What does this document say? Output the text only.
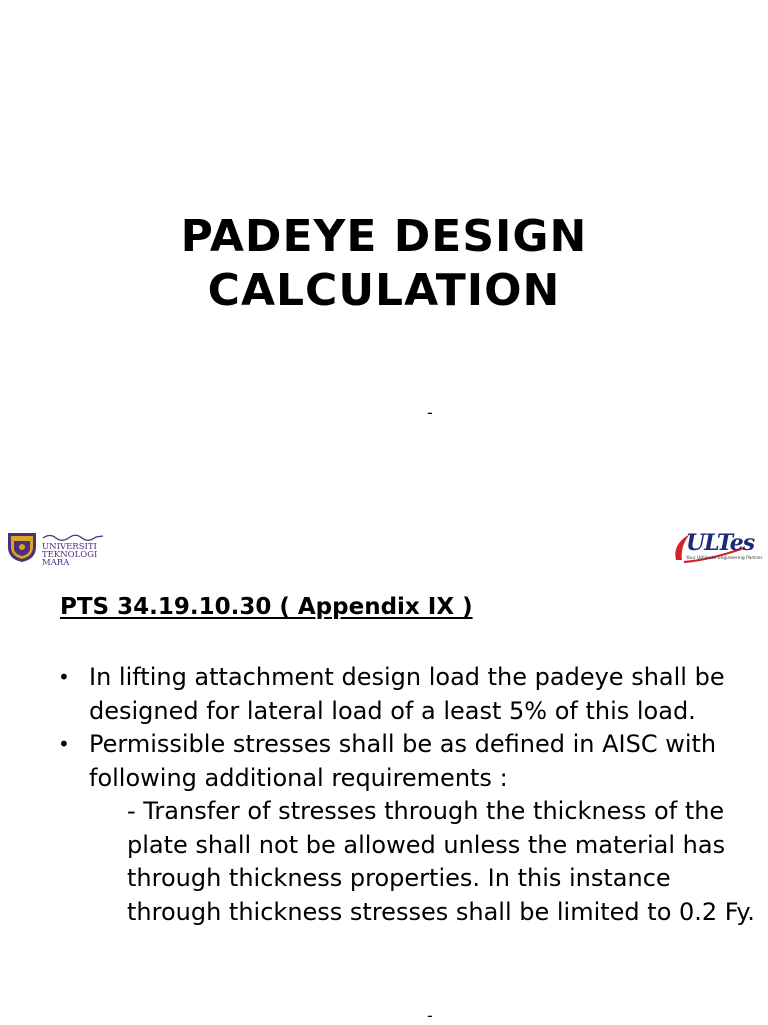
PADEYE DESIGN
CALCULATION
-
UNIVERSITI
TEKNOLOGI
MARA
ULTes
Your Ultimate Engineering Partner
PTS 34.19.10.30 ( Appendix IX )
• In lifting attachment design load the padeye shall be designed for lateral load of a least 5% of this load.
• Permissible stresses shall be as defined in AISC with following additional requirements :
- Transfer of stresses through the thickness of the plate shall not be allowed unless the material has through thickness properties. In this instance through thickness stresses shall be limited to 0.2 Fy.
-
